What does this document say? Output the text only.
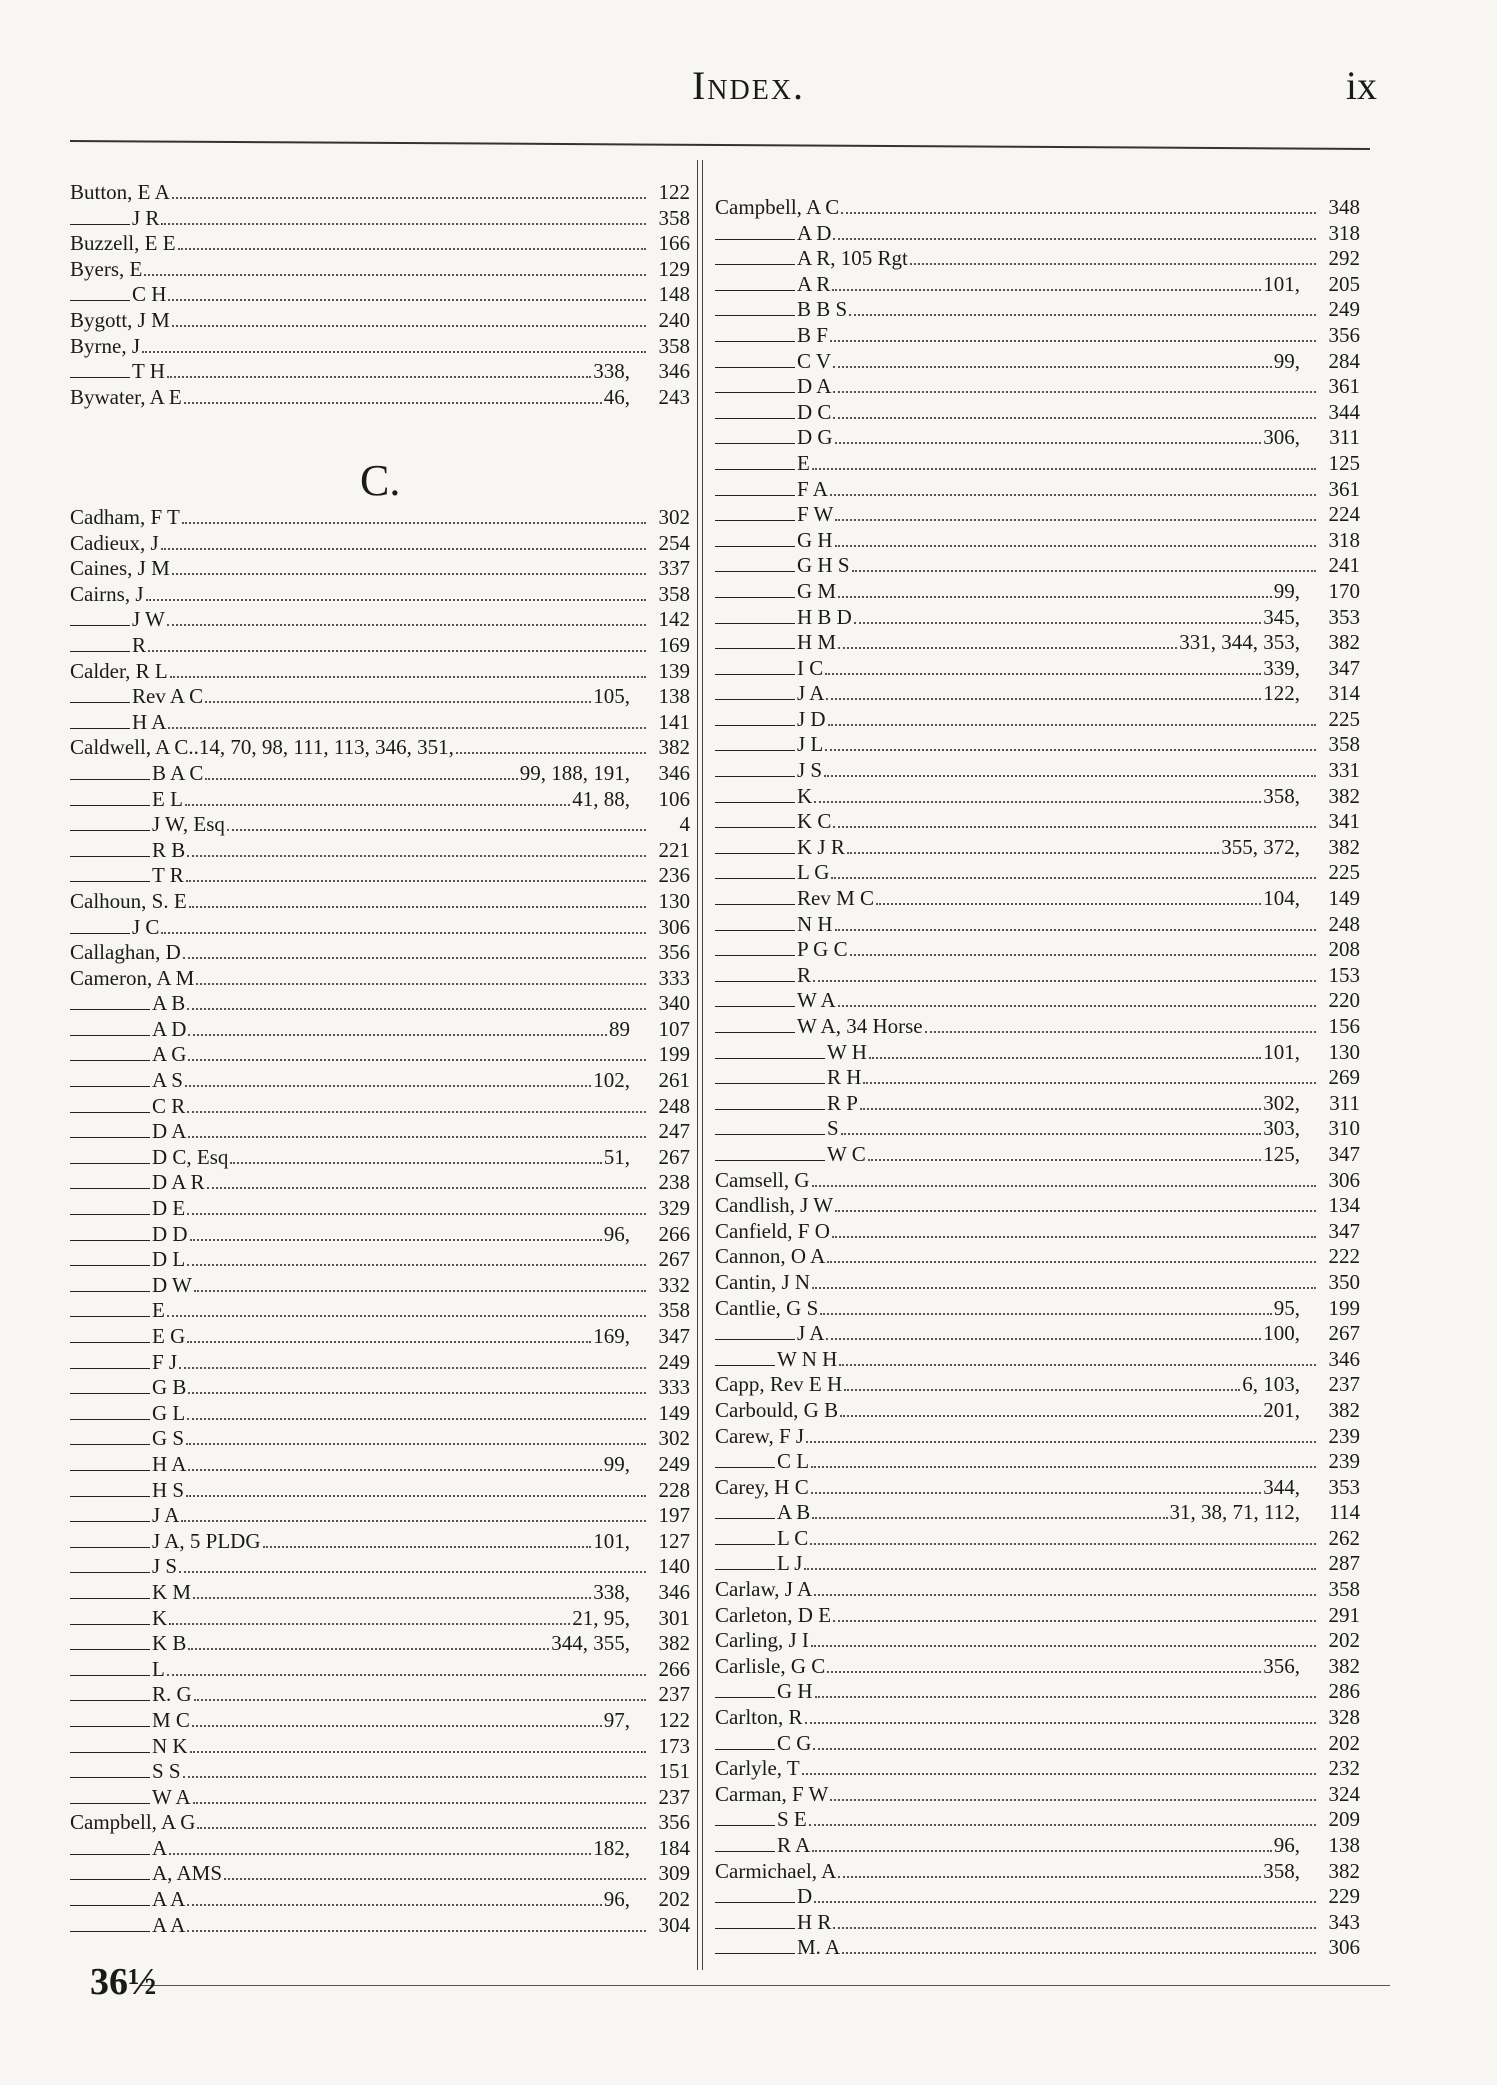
Index.	ix
Button, E A	122
J R	358
Buzzell, E E	166
Byers, E	129
C H	148
Bygott, J M	240
Byrne, J	358
T H	338,	346
Bywater, A E	46,	243
C.
Cadham, F T	302
Cadieux, J	254
Caines, J M	337
Cairns, J	358
J W	142
R	169
Calder, R L	139
Rev A C	105,	138
H A	141
Caldwell, A C..14, 70, 98, 111, 113, 346, 351,	382
B A C	99, 188, 191,	346
E L	41, 88,	106
J W, Esq	4
R B	221
T R	236
Calhoun, S. E	130
J C	306
Callaghan, D	356
Cameron, A M	333
A B	340
A D	89	107
A G	199
A S	102,	261
C R	248
D A	247
D C, Esq	51,	267
D A R	238
D E	329
D D	96,	266
D L	267
D W	332
E	358
E G	169,	347
F J	249
G B	333
G L	149
G S	302
H A	99,	249
H S	228
J A	197
J A, 5 PLDG	101,	127
J S	140
K M	338,	346
K	21, 95,	301
K B	344, 355,	382
L	266
R. G	237
M C	97,	122
N K	173
S S	151
W A	237
Campbell, A G	356
A	182,	184
A, AMS	309
A A	96,	202
A A	304
Campbell, A C	348
A D	318
A R, 105 Rgt	292
A R	101,	205
B B S	249
B F	356
C V	99,	284
D A	361
D C	344
D G	306,	311
E	125
F A	361
F W	224
G H	318
G H S	241
G M	99,	170
H B D	345,	353
H M	331, 344, 353,	382
I C	339,	347
J A	122,	314
J D	225
J L	358
J S	331
K	358,	382
K C	341
K J R	355, 372,	382
L G	225
Rev M C	104,	149
N H	248
P G C	208
R	153
W A	220
W A, 34 Horse	156
W H	101,	130
R H	269
R P	302,	311
S	303,	310
W C	125,	347
Camsell, G	306
Candlish, J W	134
Canfield, F O	347
Cannon, O A	222
Cantin, J N	350
Cantlie, G S	95,	199
J A	100,	267
W N H	346
Capp, Rev E H	6, 103,	237
Carbould, G B	201,	382
Carew, F J	239
C L	239
Carey, H C	344,	353
A B	31, 38, 71, 112,	114
L C	262
L J	287
Carlaw, J A	358
Carleton, D E	291
Carling, J I	202
Carlisle, G C	356,	382
G H	286
Carlton, R	328
C G	202
Carlyle, T	232
Carman, F W	324
S E	209
R A	96,	138
Carmichael, A	358,	382
D	229
H R	343
M. A	306
36½
